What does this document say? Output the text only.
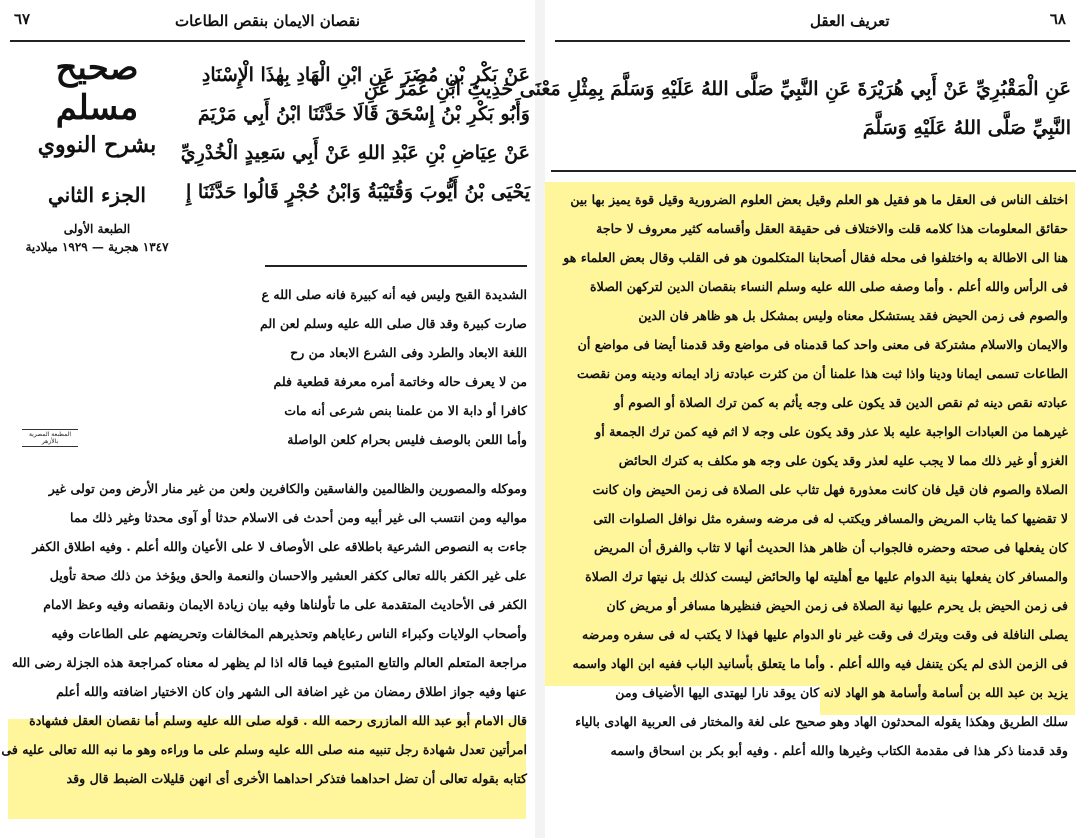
٦٧	نقصان الايمان بنقص الطاعات
عَنْ بَكْرِ بْنِ مُضَرَ عَنِ ابْنِ الْهَادِ بِهٰذَا الْإِسْنَادِ
وَأَبُو بَكْرِ بْنُ إِسْحَقَ قَالَا حَدَّثَنَا ابْنُ أَبِي مَرْيَمَ
عَنْ عِيَاضِ بْنِ عَبْدِ اللهِ عَنْ أَبِي سَعِيدٍ الْخُدْرِيِّ
يَحْيَى بْنُ أَيُّوبَ وَقُتَيْبَةُ وَابْنُ حُجْرٍ قَالُوا حَدَّثَنَا إِ
صحيح مسلم
بشرح النووي
الجزء الثاني
الطبعة الأولى
١٣٤٧ هجرية — ١٩٢٩ ميلادية
المطبعة المصرية بالأزهر
الشديدة القبح وليس فيه أنه كبيرة فانه صلى الله ع
صارت كبيرة وقد قال صلى الله عليه وسلم لعن الم
اللغة الابعاد والطرد وفى الشرع الابعاد من رح
من لا يعرف حاله وخاتمة أمره معرفة قطعية فلم
كافرا أو دابة الا من علمنا بنص شرعى أنه مات
وأما اللعن بالوصف فليس بحرام كلعن الواصلة
وموكله والمصورين والظالمين والفاسقين والكافرين ولعن من غير منار الأرض ومن تولى غير
مواليه ومن انتسب الى غير أبيه ومن أحدث فى الاسلام حدثا أو آوى محدثا وغير ذلك مما
جاءت به النصوص الشرعية باطلاقه على الأوصاف لا على الأعيان والله أعلم . وفيه اطلاق الكفر
على غير الكفر بالله تعالى ككفر العشير والاحسان والنعمة والحق ويؤخذ من ذلك صحة تأويل
الكفر فى الأحاديث المتقدمة على ما تأولناها وفيه بيان زيادة الايمان ونقصانه وفيه وعظ الامام
وأصحاب الولايات وكبراء الناس رعاياهم وتحذيرهم المخالفات وتحريضهم على الطاعات وفيه
مراجعة المتعلم العالم والتابع المتبوع فيما قاله اذا لم يظهر له معناه كمراجعة هذه الجزلة رضى الله
عنها وفيه جواز اطلاق رمضان من غير اضافة الى الشهر وان كان الاختيار اضافته والله أعلم
قال الامام أبو عبد الله المازرى رحمه الله . قوله صلى الله عليه وسلم أما نقصان العقل فشهادة
امرأتين تعدل شهادة رجل تنبيه منه صلى الله عليه وسلم على ما وراءه وهو ما نبه الله تعالى عليه فى
كتابه بقوله تعالى أن تضل احداهما فتذكر احداهما الأخرى أى انهن قليلات الضبط قال وقد
تعريف العقل	٦٨
عَنِ الْمَقْبُرِيِّ عَنْ أَبِي هُرَيْرَةَ عَنِ النَّبِيِّ صَلَّى اللهُ عَلَيْهِ وَسَلَّمَ بِمِثْلِ مَعْنَى حَدِيثِ ابْنِ عُمَرَ عَنِ
النَّبِيِّ صَلَّى اللهُ عَلَيْهِ وَسَلَّمَ
اختلف الناس فى العقل ما هو فقيل هو العلم وقيل بعض العلوم الضرورية وقيل قوة يميز بها بين
حقائق المعلومات هذا كلامه قلت والاختلاف فى حقيقة العقل وأقسامه كثير معروف لا حاجة
هنا الى الاطالة به واختلفوا فى محله فقال أصحابنا المتكلمون هو فى القلب وقال بعض العلماء هو
فى الرأس والله أعلم . وأما وصفه صلى الله عليه وسلم النساء بنقصان الدين لتركهن الصلاة
والصوم فى زمن الحيض فقد يستشكل معناه وليس بمشكل بل هو ظاهر فان الدين
والايمان والاسلام مشتركة فى معنى واحد كما قدمناه فى مواضع وقد قدمنا أيضا فى مواضع أن
الطاعات تسمى ايمانا ودينا واذا ثبت هذا علمنا أن من كثرت عبادته زاد ايمانه ودينه ومن نقصت
عبادته نقص دينه ثم نقص الدين قد يكون على وجه يأثم به كمن ترك الصلاة أو الصوم أو
غيرهما من العبادات الواجبة عليه بلا عذر وقد يكون على وجه لا اثم فيه كمن ترك الجمعة أو
الغزو أو غير ذلك مما لا يجب عليه لعذر وقد يكون على وجه هو مكلف به كترك الحائض
الصلاة والصوم فان قيل فان كانت معذورة فهل تثاب على الصلاة فى زمن الحيض وان كانت
لا تقضيها كما يثاب المريض والمسافر ويكتب له فى مرضه وسفره مثل نوافل الصلوات التى
كان يفعلها فى صحته وحضره فالجواب أن ظاهر هذا الحديث أنها لا تثاب والفرق أن المريض
والمسافر كان يفعلها بنية الدوام عليها مع أهليته لها والحائض ليست كذلك بل نيتها ترك الصلاة
فى زمن الحيض بل يحرم عليها نية الصلاة فى زمن الحيض فنظيرها مسافر أو مريض كان
يصلى النافلة فى وقت ويترك فى وقت غير ناو الدوام عليها فهذا لا يكتب له فى سفره ومرضه
فى الزمن الذى لم يكن يتنفل فيه والله أعلم . وأما ما يتعلق بأسانيد الباب ففيه ابن الهاد واسمه
يزيد بن عبد الله بن أسامة وأسامة هو الهاد لانه كان يوقد نارا ليهتدى اليها الأضياف ومن
سلك الطريق وهكذا يقوله المحدثون الهاد وهو صحيح على لغة والمختار فى العربية الهادى بالياء
وقد قدمنا ذكر هذا فى مقدمة الكتاب وغيرها والله أعلم . وفيه أبو بكر بن اسحاق واسمه
